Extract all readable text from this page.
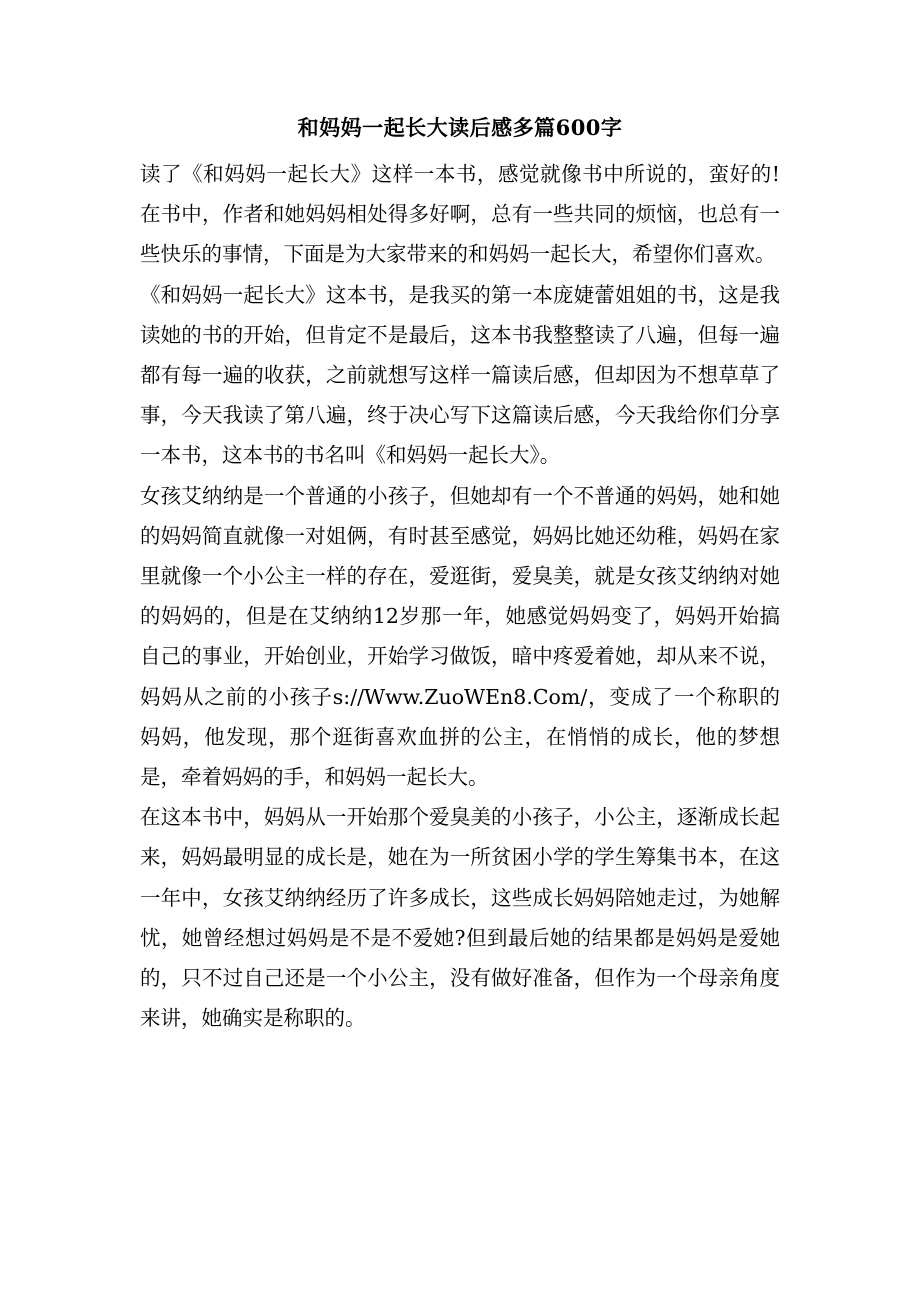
和妈妈一起长大读后感多篇600字

读了《和妈妈一起长大》这样一本书，感觉就像书中所说的，蛮好的!在书中，作者和她妈妈相处得多好啊，总有一些共同的烦恼，也总有一些快乐的事情，下面是为大家带来的和妈妈一起长大，希望你们喜欢。

《和妈妈一起长大》这本书，是我买的第一本庞婕蕾姐姐的书，这是我读她的书的开始，但肯定不是最后，这本书我整整读了八遍，但每一遍都有每一遍的收获，之前就想写这样一篇读后感，但却因为不想草草了事，今天我读了第八遍，终于决心写下这篇读后感，今天我给你们分享一本书，这本书的书名叫《和妈妈一起长大》。

女孩艾纳纳是一个普通的小孩子，但她却有一个不普通的妈妈，她和她的妈妈简直就像一对姐俩，有时甚至感觉，妈妈比她还幼稚，妈妈在家里就像一个小公主一样的存在，爱逛街，爱臭美，就是女孩艾纳纳对她的妈妈的，但是在艾纳纳12岁那一年，她感觉妈妈变了，妈妈开始搞自己的事业，开始创业，开始学习做饭，暗中疼爱着她，却从来不说，妈妈从之前的小孩子s://Www.ZuoWEn8.Com/，变成了一个称职的妈妈，他发现，那个逛街喜欢血拼的公主，在悄悄的成长，他的梦想是，牵着妈妈的手，和妈妈一起长大。

在这本书中，妈妈从一开始那个爱臭美的小孩子，小公主，逐渐成长起来，妈妈最明显的成长是，她在为一所贫困小学的学生筹集书本，在这一年中，女孩艾纳纳经历了许多成长，这些成长妈妈陪她走过，为她解忧，她曾经想过妈妈是不是不爱她?但到最后她的结果都是妈妈是爱她的，只不过自己还是一个小公主，没有做好准备，但作为一个母亲角度来讲，她确实是称职的。
